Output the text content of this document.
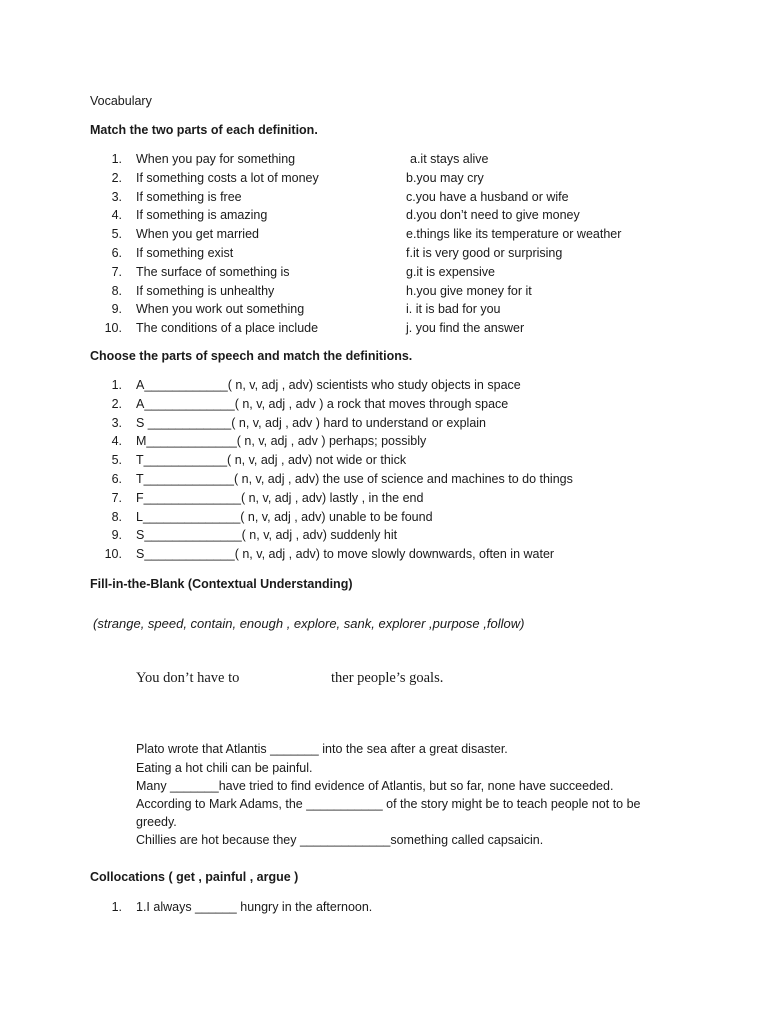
Vocabulary
Match the two parts of each definition.
1. When you pay for something	a.it stays alive
2. If something costs a lot of money	b.you may cry
3. If something is free	c.you have a husband or wife
4. If something is amazing	d.you don’t need to give money
5. When you get married	e.things like its temperature or weather
6. If something exist	f.it is very good or surprising
7. The surface of something is	g.it is expensive
8. If something is unhealthy	h.you give money for it
9. When you work out something	i. it is bad for you
10. The conditions of a place include	j. you find the answer
Choose the parts of speech and match the definitions.
1. A____________( n, v, adj , adv) scientists who study objects in space
2. A_____________( n, v, adj , adv ) a rock that moves through space
3. S ____________( n, v, adj , adv ) hard to understand or explain
4. M_____________( n, v, adj , adv ) perhaps; possibly
5. T____________( n, v, adj , adv) not wide or thick
6. T_____________( n, v, adj , adv) the use of science and machines to do things
7. F______________( n, v, adj , adv) lastly , in the end
8. L______________( n, v, adj , adv) unable to be found
9. S______________( n, v, adj , adv) suddenly hit
10. S_____________( n, v, adj , adv) to move slowly downwards, often in water
Fill-in-the-Blank (Contextual Understanding)
(strange, speed, contain, enough , explore, sank, explorer ,purpose ,follow)
You don’t have to	ther people’s goals.
Plato wrote that Atlantis _______ into the sea after a great disaster.
Eating a hot chili can be painful.
Many _______have tried to find evidence of Atlantis, but so far, none have succeeded.
According to Mark Adams, the ___________ of the story might be to teach people not to be
greedy.
Chillies are hot because they _____________something called capsaicin.
Collocations ( get , painful , argue )
1. 1.I always ______ hungry in the afternoon.
